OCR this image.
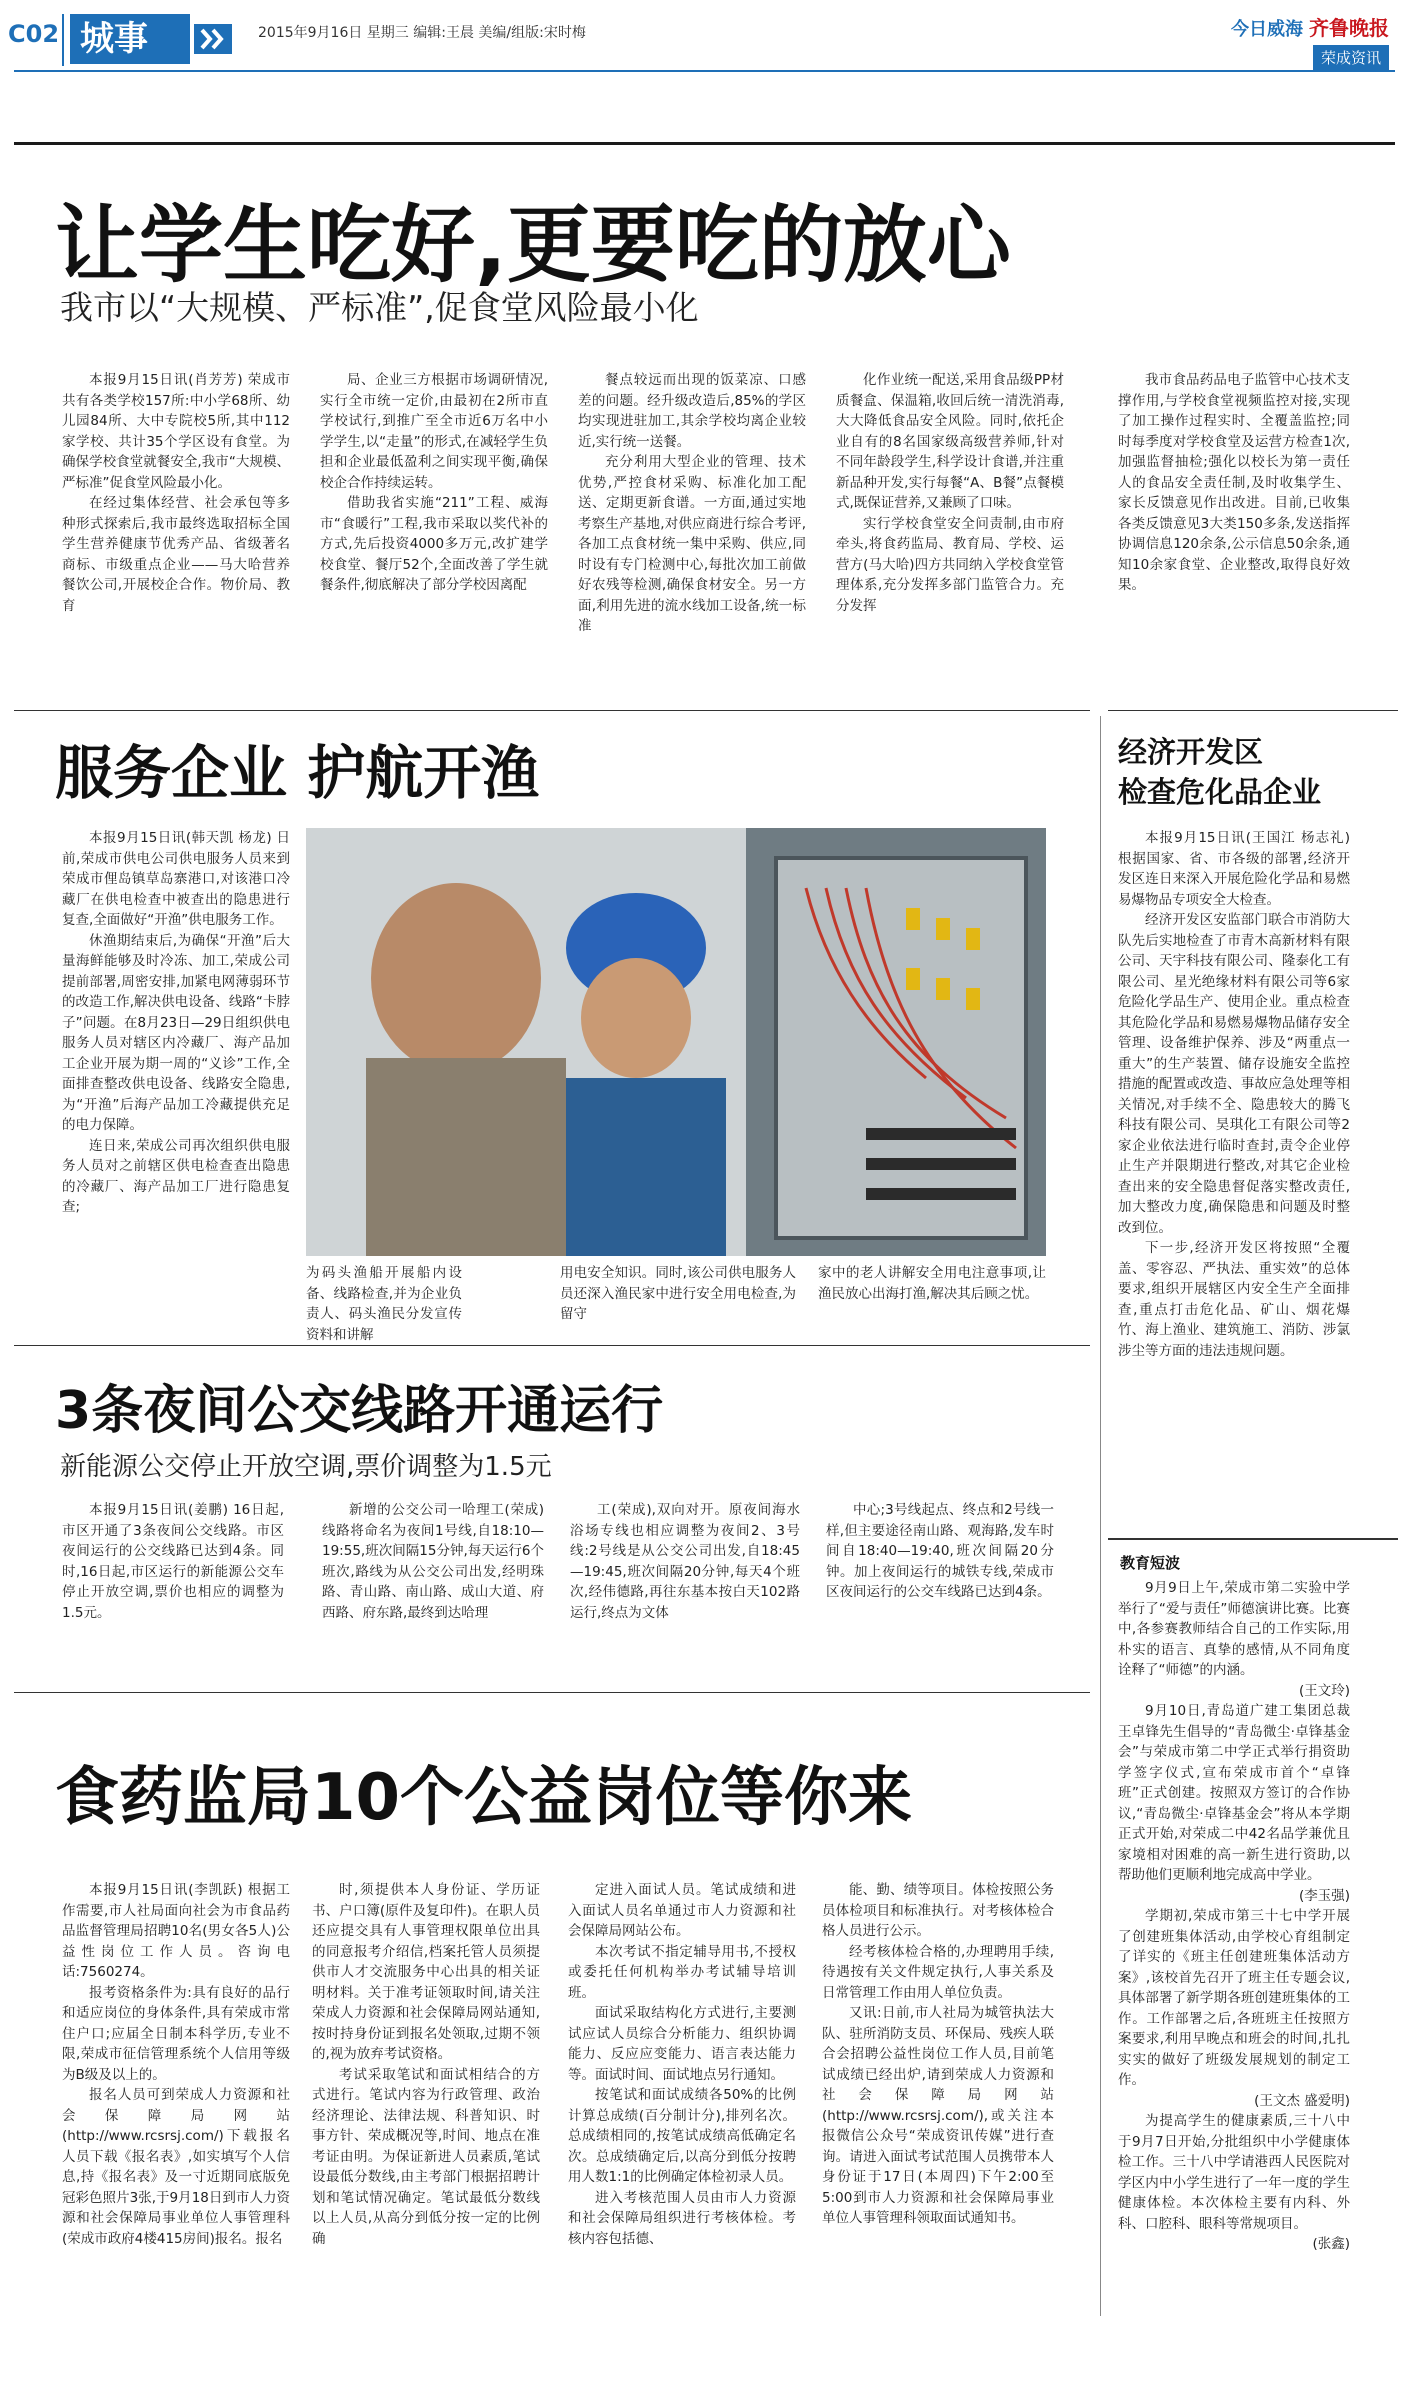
C02 城事	2015年9月16日 星期三 编辑:王晨 美编/组版:宋时梅	今日威海 齐鲁晚报
荣成资讯
让学生吃好,更要吃的放心
我市以“大规模、严标准”,促食堂风险最小化

本报9月15日讯(肖芳芳) 荣成市共有各类学校157所:中小学68所、幼儿园84所、大中专院校5所,其中112家学校、共计35个学区设有食堂。为确保学校食堂就餐安全,我市“大规模、严标准”促食堂风险最小化。

在经过集体经营、社会承包等多种形式探索后,我市最终选取招标全国学生营养健康节优秀产品、省级著名商标、市级重点企业——马大哈营养餐饮公司,开展校企合作。物价局、教育

局、企业三方根据市场调研情况,实行全市统一定价,由最初在2所市直学校试行,到推广至全市近6万名中小学学生,以“走量”的形式,在减轻学生负担和企业最低盈利之间实现平衡,确保校企合作持续运转。

借助我省实施“211”工程、威海市“食暖行”工程,我市采取以奖代补的方式,先后投资4000多万元,改扩建学校食堂、餐厅52个,全面改善了学生就餐条件,彻底解决了部分学校因离配

餐点较远而出现的饭菜凉、口感差的问题。经升级改造后,85%的学区均实现进驻加工,其余学校均离企业较近,实行统一送餐。

充分利用大型企业的管理、技术优势,严控食材采购、标准化加工配送、定期更新食谱。一方面,通过实地考察生产基地,对供应商进行综合考评,各加工点食材统一集中采购、供应,同时设有专门检测中心,每批次加工前做好农残等检测,确保食材安全。另一方面,利用先进的流水线加工设备,统一标准

化作业统一配送,采用食品级PP材质餐盒、保温箱,收回后统一清洗消毒,大大降低食品安全风险。同时,依托企业自有的8名国家级高级营养师,针对不同年龄段学生,科学设计食谱,并注重新品种开发,实行每餐“A、B餐”点餐模式,既保证营养,又兼顾了口味。

实行学校食堂安全问责制,由市府牵头,将食药监局、教育局、学校、运营方(马大哈)四方共同纳入学校食堂管理体系,充分发挥多部门监管合力。充分发挥

我市食品药品电子监管中心技术支撑作用,与学校食堂视频监控对接,实现了加工操作过程实时、全覆盖监控;同时每季度对学校食堂及运营方检查1次,加强监督抽检;强化以校长为第一责任人的食品安全责任制,及时收集学生、家长反馈意见作出改进。目前,已收集各类反馈意见3大类150多条,发送指挥协调信息120余条,公示信息50余条,通知10余家食堂、企业整改,取得良好效果。

服务企业 护航开渔

本报9月15日讯(韩天凯 杨龙) 日前,荣成市供电公司供电服务人员来到荣成市俚岛镇草岛寨港口,对该港口冷藏厂在供电检查中被查出的隐患进行复查,全面做好“开渔”供电服务工作。

休渔期结束后,为确保“开渔”后大量海鲜能够及时冷冻、加工,荣成公司提前部署,周密安排,加紧电网薄弱环节的改造工作,解决供电设备、线路“卡脖子”问题。在8月23日—29日组织供电服务人员对辖区内冷藏厂、海产品加工企业开展为期一周的“义诊”工作,全面排查整改供电设备、线路安全隐患,为“开渔”后海产品加工冷藏提供充足的电力保障。

连日来,荣成公司再次组织供电服务人员对之前辖区供电检查查出隐患的冷藏厂、海产品加工厂进行隐患复查;

为码头渔船开展船内设备、线路检查,并为企业负责人、码头渔民分发宣传资料和讲解
用电安全知识。同时,该公司供电服务人员还深入渔民家中进行安全用电检查,为留守
家中的老人讲解安全用电注意事项,让渔民放心出海打渔,解决其后顾之忧。
经济开发区
检查危化品企业

本报9月15日讯(王国江 杨志礼) 根据国家、省、市各级的部署,经济开发区连日来深入开展危险化学品和易燃易爆物品专项安全大检查。

经济开发区安监部门联合市消防大队先后实地检查了市青木高新材料有限公司、天宇科技有限公司、隆泰化工有限公司、星光绝缘材料有限公司等6家危险化学品生产、使用企业。重点检查其危险化学品和易燃易爆物品储存安全管理、设备维护保养、涉及“两重点一重大”的生产装置、储存设施安全监控措施的配置或改造、事故应急处理等相关情况,对手续不全、隐患较大的腾飞科技有限公司、昊琪化工有限公司等2家企业依法进行临时查封,责令企业停止生产并限期进行整改,对其它企业检查出来的安全隐患督促落实整改责任,加大整改力度,确保隐患和问题及时整改到位。

下一步,经济开发区将按照“全覆盖、零容忍、严执法、重实效”的总体要求,组织开展辖区内安全生产全面排查,重点打击危化品、矿山、烟花爆竹、海上渔业、建筑施工、消防、涉氯涉尘等方面的违法违规问题。

3条夜间公交线路开通运行
新能源公交停止开放空调,票价调整为1.5元

本报9月15日讯(姜鹏) 16日起,市区开通了3条夜间公交线路。市区夜间运行的公交线路已达到4条。同时,16日起,市区运行的新能源公交车停止开放空调,票价也相应的调整为1.5元。

新增的公交公司一哈理工(荣成)线路将命名为夜间1号线,自18:10—19:55,班次间隔15分钟,每天运行6个班次,路线为从公交公司出发,经明珠路、青山路、南山路、成山大道、府西路、府东路,最终到达哈理

工(荣成),双向对开。原夜间海水浴场专线也相应调整为夜间2、3号线:2号线是从公交公司出发,自18:45—19:45,班次间隔20分钟,每天4个班次,经伟德路,再往东基本按白天102路运行,终点为文体

中心;3号线起点、终点和2号线一样,但主要途径南山路、观海路,发车时间自18:40—19:40,班次间隔20分钟。加上夜间运行的城铁专线,荣成市区夜间运行的公交车线路已达到4条。

食药监局10个公益岗位等你来

本报9月15日讯(李凯跃) 根据工作需要,市人社局面向社会为市食品药品监督管理局招聘10名(男女各5人)公益性岗位工作人员。咨询电话:7560274。

报考资格条件为:具有良好的品行和适应岗位的身体条件,具有荣成市常住户口;应届全日制本科学历,专业不限,荣成市征信管理系统个人信用等级为B级及以上的。

报名人员可到荣成人力资源和社会保障局网站(http://www.rcsrsj.com/)下载报名人员下载《报名表》,如实填写个人信息,持《报名表》及一寸近期同底版免冠彩色照片3张,于9月18日到市人力资源和社会保障局事业单位人事管理科(荣成市政府4楼415房间)报名。报名

时,须提供本人身份证、学历证书、户口簿(原件及复印件)。在职人员还应提交具有人事管理权限单位出具的同意报考介绍信,档案托管人员须提供市人才交流服务中心出具的相关证明材料。关于准考证领取时间,请关注荣成人力资源和社会保障局网站通知,按时持身份证到报名处领取,过期不领的,视为放弃考试资格。

考试采取笔试和面试相结合的方式进行。笔试内容为行政管理、政治经济理论、法律法规、科普知识、时事方针、荣成概况等,时间、地点在准考证由明。为保证新进人员素质,笔试设最低分数线,由主考部门根据招聘计划和笔试情况确定。笔试最低分数线以上人员,从高分到低分按一定的比例确

定进入面试人员。笔试成绩和进入面试人员名单通过市人力资源和社会保障局网站公布。

本次考试不指定辅导用书,不授权或委托任何机构举办考试辅导培训班。

面试采取结构化方式进行,主要测试应试人员综合分析能力、组织协调能力、反应应变能力、语言表达能力等。面试时间、面试地点另行通知。

按笔试和面试成绩各50%的比例计算总成绩(百分制计分),排列名次。总成绩相同的,按笔试成绩高低确定名次。总成绩确定后,以高分到低分按聘用人数1:1的比例确定体检初录人员。

进入考核范围人员由市人力资源和社会保障局组织进行考核体检。考核内容包括德、

能、勤、绩等项目。体检按照公务员体检项目和标准执行。对考核体检合格人员进行公示。

经考核体检合格的,办理聘用手续,待遇按有关文件规定执行,人事关系及日常管理工作由用人单位负责。

又讯:日前,市人社局为城管执法大队、驻所消防支员、环保局、残疾人联合会招聘公益性岗位工作人员,目前笔试成绩已经出炉,请到荣成人力资源和社会保障局网站(http://www.rcsrsj.com/),或关注本报微信公众号“荣成资讯传媒”进行查询。请进入面试考试范围人员携带本人身份证于17日(本周四)下午2:00至5:00到市人力资源和社会保障局事业单位人事管理科领取面试通知书。

教育短波

9月9日上午,荣成市第二实验中学举行了“爱与责任”师德演讲比赛。比赛中,各参赛教师结合自己的工作实际,用朴实的语言、真挚的感情,从不同角度诠释了“师德”的内涵。

(王文玲)

9月10日,青岛道广建工集团总裁王卓锋先生倡导的“青岛微尘·卓锋基金会”与荣成市第二中学正式举行捐资助学签字仪式,宣布荣成市首个“卓锋班”正式创建。按照双方签订的合作协议,“青岛微尘·卓锋基金会”将从本学期正式开始,对荣成二中42名品学兼优且家境相对困难的高一新生进行资助,以帮助他们更顺利地完成高中学业。

(李玉强)

学期初,荣成市第三十七中学开展了创建班集体活动,由学校心育组制定了详实的《班主任创建班集体活动方案》,该校首先召开了班主任专题会议,具体部署了新学期各班创建班集体的工作。工作部署之后,各班班主任按照方案要求,利用早晚点和班会的时间,扎扎实实的做好了班级发展规划的制定工作。

(王文杰 盛爱明)

为提高学生的健康素质,三十八中于9月7日开始,分批组织中小学健康体检工作。三十八中学请港西人民医院对学区内中小学生进行了一年一度的学生健康体检。本次体检主要有内科、外科、口腔科、眼科等常规项目。

(张鑫)
